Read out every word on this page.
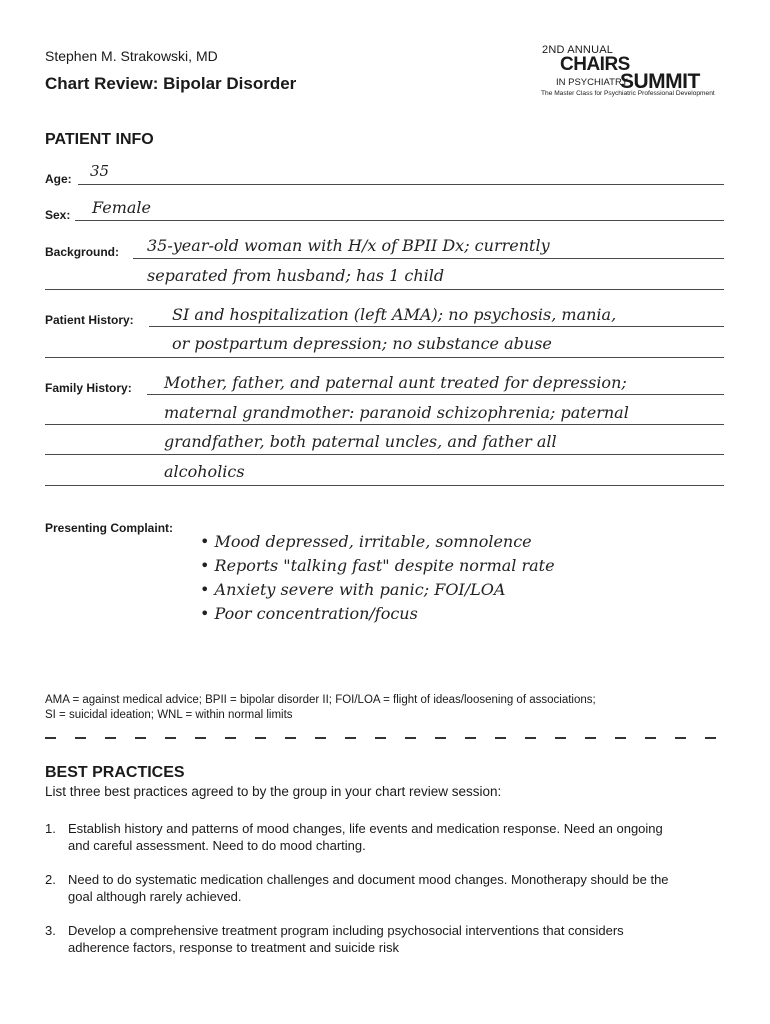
Stephen M. Strakowski, MD
Chart Review: Bipolar Disorder
2ND ANNUAL
CHAIRS
IN PSYCHIATRY
SUMMIT
The Master Class for Psychiatric Professional Development
PATIENT INFO
Age: 35
Sex: Female
Background: 35-year-old woman with H/x of BPII Dx; currently
separated from husband; has 1 child
Patient History: SI and hospitalization (left AMA); no psychosis, mania,
or postpartum depression; no substance abuse
Family History: Mother, father, and paternal aunt treated for depression;
maternal grandmother: paranoid schizophrenia; paternal
grandfather, both paternal uncles, and father all
alcoholics
Presenting Complaint:
• Mood depressed, irritable, somnolence
• Reports "talking fast" despite normal rate
• Anxiety severe with panic; FOI/LOA
• Poor concentration/focus
AMA = against medical advice; BPII = bipolar disorder II; FOI/LOA = flight of ideas/loosening of associations;
SI = suicidal ideation; WNL = within normal limits
BEST PRACTICES
List three best practices agreed to by the group in your chart review session:
1. Establish history and patterns of mood changes, life events and medication response. Need an ongoing
and careful assessment. Need to do mood charting.
2. Need to do systematic medication challenges and document mood changes. Monotherapy should be the
goal although rarely achieved.
3. Develop a comprehensive treatment program including psychosocial interventions that considers
adherence factors, response to treatment and suicide risk
